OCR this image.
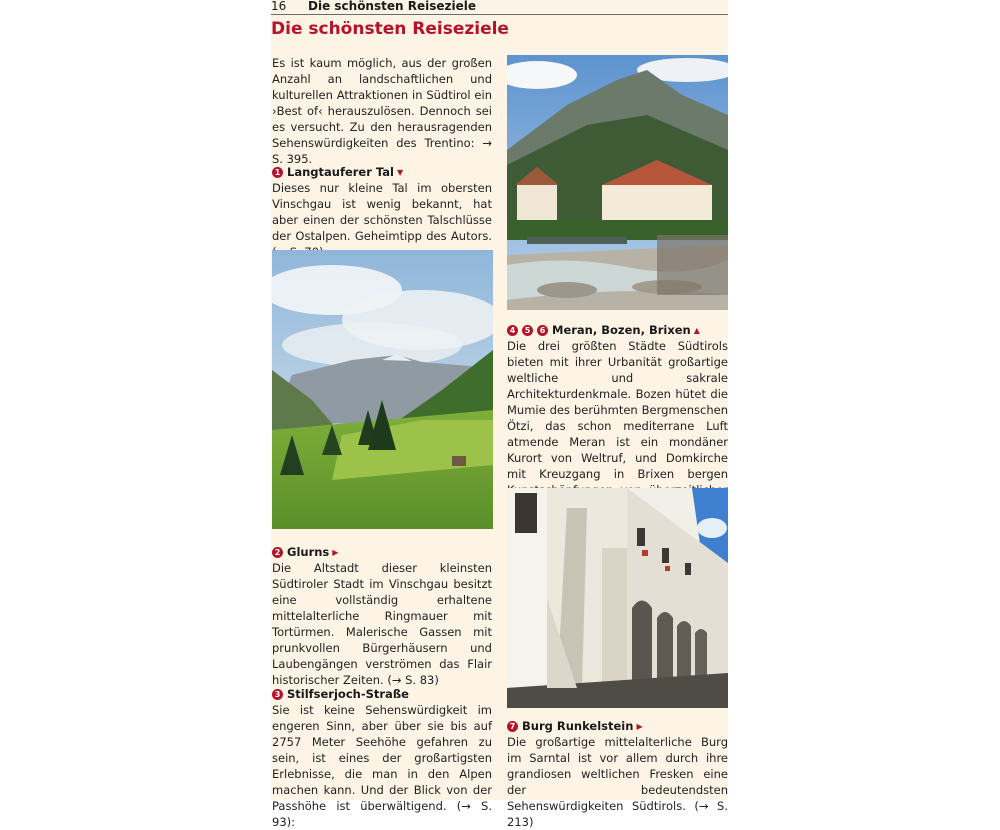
16 Die schönsten Reiseziele
Die schönsten Reiseziele
Es ist kaum möglich, aus der großen Anzahl an landschaftlichen und kulturellen Attraktionen in Südtirol ein ›Best of‹ herauszulösen. Dennoch sei es versucht. Zu den herausragenden Sehenswürdigkeiten des Trentino: → S. 395.
1 Langtauferer Tal ▼
Dieses nur kleine Tal im obersten Vinschgau ist wenig bekannt, hat aber einen der schönsten Talschlüsse der Ostalpen. Geheimtipp des Autors.
2 Glurns ▶
Die Altstadt dieser kleinsten Südtiroler Stadt im Vinschgau besitzt eine vollständig erhaltene mittelalterliche Ringmauer mit Tortürmen. Malerische Gassen mit prunkvollen Bürgerhäusern und Laubengängen verströmen das Flair historischer Zeiten. (→ S. 83)
3 Stilfserjoch-Straße
Sie ist keine Sehenswürdigkeit im engeren Sinn, aber über sie bis auf 2757 Meter Seehöhe gefahren zu sein, ist eines der großartigsten Erlebnisse, die man in den Alpen machen kann. Und der Blick von der Passhöhe ist überwältigend. (→ S. 93):
4 5 6 Meran, Bozen, Brixen ▲
Die drei größten Städte Südtirols bieten mit ihrer Urbanität großartige weltliche und sakrale Architekturdenkmale. Bozen hütet die Mumie des berühmten Bergmenschen Ötzi, das schon mediterrane Luft atmende Meran ist ein mondäner Kurort von Weltruf, und Domkirche mit Kreuzgang in Brixen bergen
7 Burg Runkelstein ▶
Die großartige mittelalterliche Burg im Sarntal ist vor allem durch ihre grandiosen weltlichen Fresken eine der bedeutendsten Sehenswürdigkeiten Südtirols. (→ S. 213)
